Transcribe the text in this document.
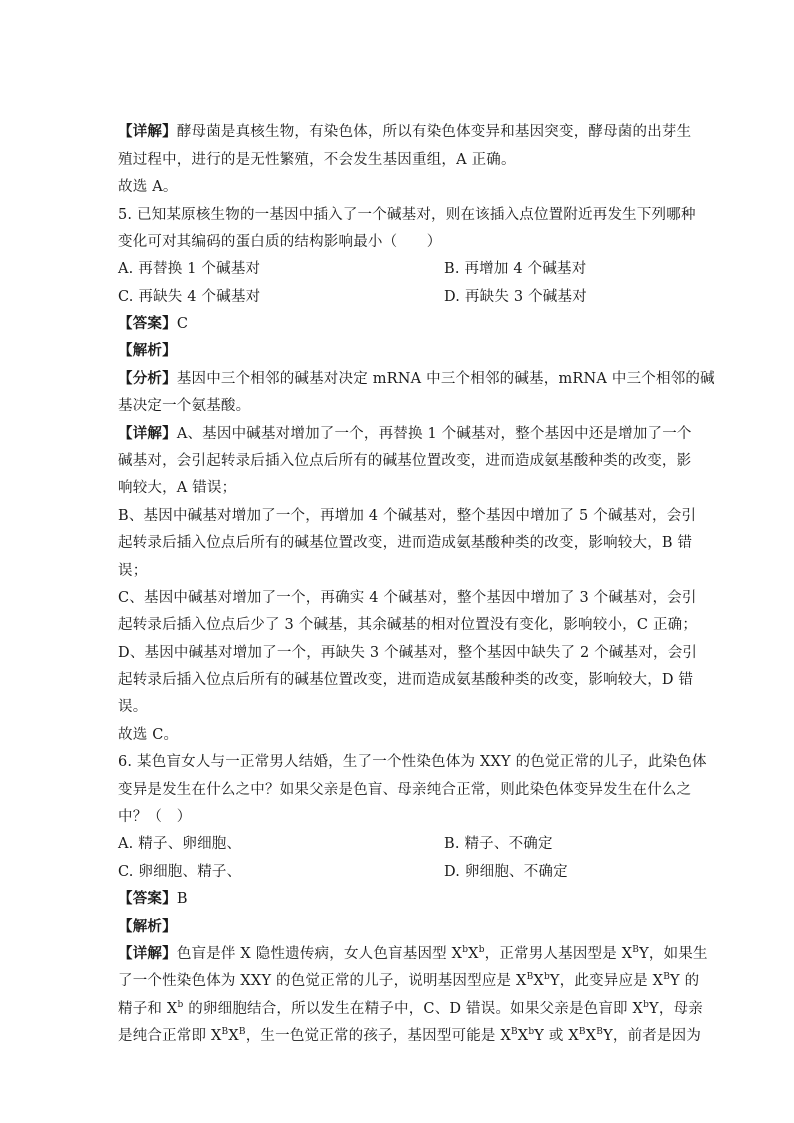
【详解】酵母菌是真核生物，有染色体，所以有染色体变异和基因突变，酵母菌的出芽生
殖过程中，进行的是无性繁殖，不会发生基因重组，A 正确。
故选 A。
5. 已知某原核生物的一基因中插入了一个碱基对，则在该插入点位置附近再发生下列哪种
变化可对其编码的蛋白质的结构影响最小（　　）
A. 再替换 1 个碱基对	B. 再增加 4 个碱基对
C. 再缺失 4 个碱基对	D. 再缺失 3 个碱基对
【答案】C
【解析】
【分析】基因中三个相邻的碱基对决定 mRNA 中三个相邻的碱基，mRNA 中三个相邻的碱
基决定一个氨基酸。
【详解】A、基因中碱基对增加了一个，再替换 1 个碱基对，整个基因中还是增加了一个
碱基对，会引起转录后插入位点后所有的碱基位置改变，进而造成氨基酸种类的改变，影
响较大，A 错误；
B、基因中碱基对增加了一个，再增加 4 个碱基对，整个基因中增加了 5 个碱基对，会引
起转录后插入位点后所有的碱基位置改变，进而造成氨基酸种类的改变，影响较大，B 错
误；
C、基因中碱基对增加了一个，再确实 4 个碱基对，整个基因中增加了 3 个碱基对，会引
起转录后插入位点后少了 3 个碱基，其余碱基的相对位置没有变化，影响较小，C 正确；
D、基因中碱基对增加了一个，再缺失 3 个碱基对，整个基因中缺失了 2 个碱基对，会引
起转录后插入位点后所有的碱基位置改变，进而造成氨基酸种类的改变，影响较大，D 错
误。
故选 C。
6. 某色盲女人与一正常男人结婚，生了一个性染色体为 XXY 的色觉正常的儿子，此染色体
变异是发生在什么之中？如果父亲是色盲、母亲纯合正常，则此染色体变异发生在什么之
中？（　）
A. 精子、卵细胞、	B. 精子、不确定
C. 卵细胞、精子、	D. 卵细胞、不确定
【答案】B
【解析】
【详解】色盲是伴 X 隐性遗传病，女人色盲基因型 $X^bX^b$，正常男人基因型是 $X^BY$，如果生
了一个性染色体为 XXY 的色觉正常的儿子，说明基因型应是 $X^BX^bY$，此变异应是 $X^BY$ 的
精子和 $X^b$ 的卵细胞结合，所以发生在精子中，C、D 错误。如果父亲是色盲即 $X^bY$，母亲
是纯合正常即 $X^BX^B$，生一色觉正常的孩子，基因型可能是 $X^BX^bY$ 或 $X^BX^BY$，前者是因为
